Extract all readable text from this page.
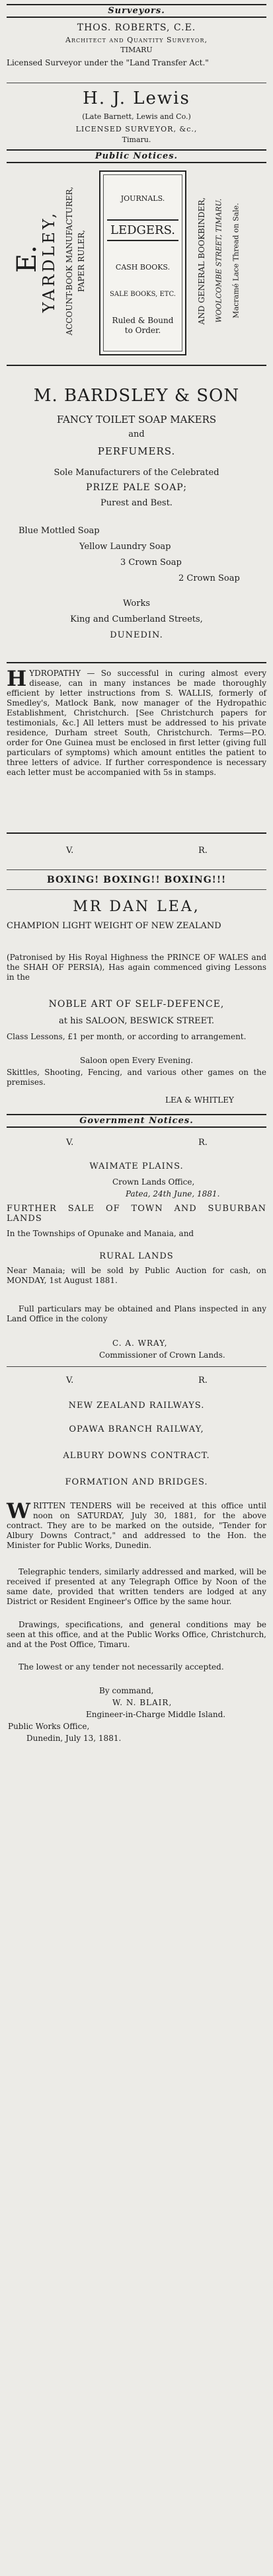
Surveyors.
THOS. ROBERTS, C.E.
Architect and Quantity Surveyor,
TIMARU
Licensed Surveyor under the "Land Transfer Act."
H. J. Lewis
(Late Barnett, Lewis and Co.)
LICENSED SURVEYOR, &c.,
Timaru.
Public Notices.
E.
YARDLEY, ACCOUNT-BOOK MANUFACTURER, PAPER RULER,
JOURNALS.
LEDGERS.
CASH BOOKS.
SALE BOOKS, ETC.
Ruled & Bound to Order.
AND GENERAL BOOKBINDER, WOOLCOMBE STREET, TIMARU. Macramé Lace Thread on Sale.
M. BARDSLEY & SON
FANCY TOILET SOAP MAKERS
and
PERFUMERS.
Sole Manufacturers of the Celebrated
PRIZE PALE SOAP;
Purest and Best.
Blue Mottled Soap
Yellow Laundry Soap
3 Crown Soap
2 Crown Soap
Works
King and Cumberland Streets,
DUNEDIN.
HYDROPATHY — So successful in curing almost every disease, can in many instances be made thoroughly efficient by letter instructions from S. WALLIS, formerly of Smedley's, Matlock Bank, now manager of the Hydropathic Establishment, Christchurch. [See Christchurch papers for testimonials, &c.] All letters must be addressed to his private residence, Durham street South, Christchurch. Terms—P.O. order for One Guinea must be enclosed in first letter (giving full particulars of symptoms) which amount entitles the patient to three letters of advice. If further correspondence is necessary each letter must be accompanied with 5s in stamps.
V.	R.
BOXING! BOXING!! BOXING!!!
MR DAN LEA,
CHAMPION LIGHT WEIGHT OF NEW ZEALAND
(Patronised by His Royal Highness the PRINCE OF WALES and the SHAH OF PERSIA), Has again commenced giving Lessons in the
NOBLE ART OF SELF-DEFENCE,
at his SALOON, BESWICK STREET.
Class Lessons, £1 per month, or according to arrangement.
Saloon open Every Evening.
Skittles, Shooting, Fencing, and various other games on the premises.
LEA & WHITLEY
Government Notices.
V.	R.
WAIMATE PLAINS.
Crown Lands Office,
Patea, 24th June, 1881.
FURTHER SALE OF TOWN AND SUBURBAN LANDS
In the Townships of Opunake and Manaia, and
RURAL LANDS
Near Manaia; will be sold by Public Auction for cash, on MONDAY, 1st August 1881.
Full particulars may be obtained and Plans inspected in any Land Office in the colony
C. A. WRAY,
Commissioner of Crown Lands.
V.	R.
NEW ZEALAND RAILWAYS.
OPAWA BRANCH RAILWAY,
ALBURY DOWNS CONTRACT.
FORMATION AND BRIDGES.
WRITTEN TENDERS will be received at this office until noon on SATURDAY, July 30, 1881, for the above contract. They are to be marked on the outside, "Tender for Albury Downs Contract," and addressed to the Hon. the Minister for Public Works, Dunedin.
Telegraphic tenders, similarly addressed and marked, will be received if presented at any Telegraph Office by Noon of the same date, provided that written tenders are lodged at any District or Resident Engineer's Office by the same hour.
Drawings, specifications, and general conditions may be seen at this office, and at the Public Works Office, Christchurch, and at the Post Office, Timaru.
The lowest or any tender not necessarily accepted.
By command,
W. N. BLAIR,
Engineer-in-Charge Middle Island.
Public Works Office,
Dunedin, July 13, 1881.
